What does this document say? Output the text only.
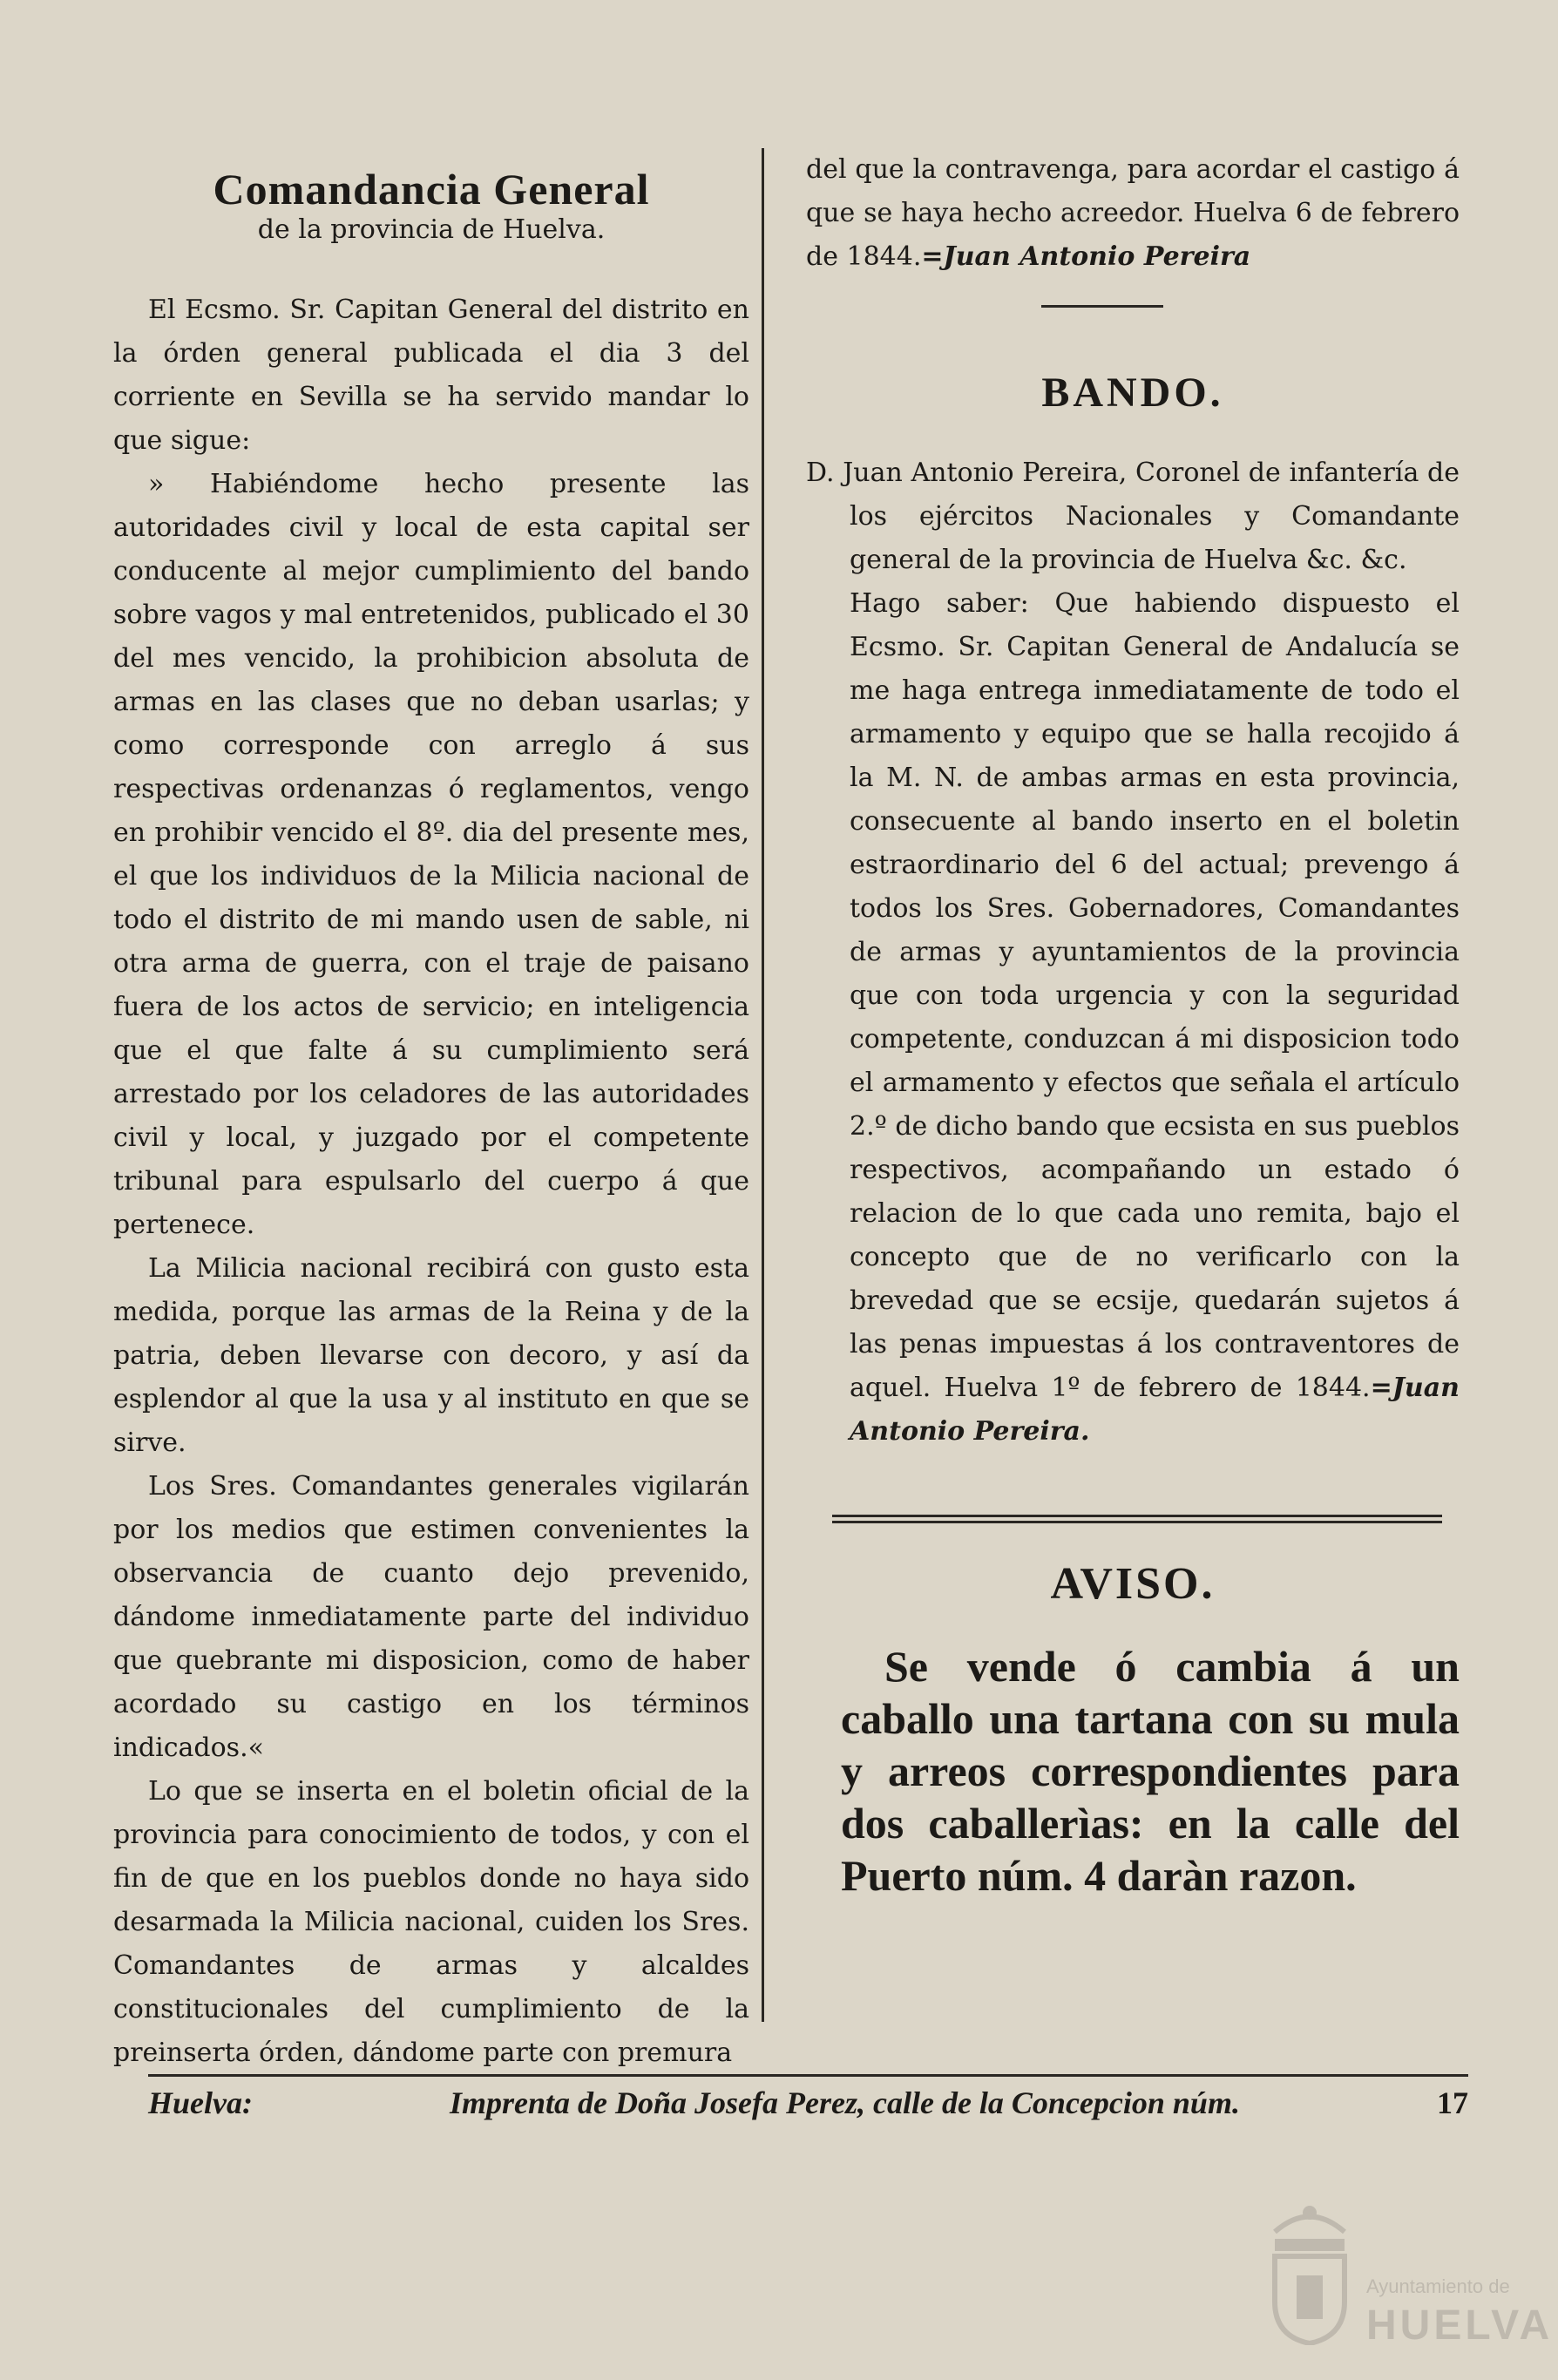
Comandancia General
de la provincia de Huelva.

El Ecsmo. Sr. Capitan General del distrito en la órden general publicada el dia 3 del corriente en Sevilla se ha servido mandar lo que sigue:

» Habiéndome hecho presente las autoridades civil y local de esta capital ser conducente al mejor cumplimiento del bando sobre vagos y mal entretenidos, publicado el 30 del mes vencido, la prohibicion absoluta de armas en las clases que no deban usarlas; y como corresponde con arreglo á sus respectivas ordenanzas ó reglamentos, vengo en prohibir vencido el 8º. dia del presente mes, el que los individuos de la Milicia nacional de todo el distrito de mi mando usen de sable, ni otra arma de guerra, con el traje de paisano fuera de los actos de servicio; en inteligencia que el que falte á su cumplimiento será arrestado por los celadores de las autoridades civil y local, y juzgado por el competente tribunal para espulsarlo del cuerpo á que pertenece.

La Milicia nacional recibirá con gusto esta medida, porque las armas de la Reina y de la patria, deben llevarse con decoro, y así da esplendor al que la usa y al instituto en que se sirve.

Los Sres. Comandantes generales vigilarán por los medios que estimen convenientes la observancia de cuanto dejo prevenido, dándome inmediatamente parte del individuo que quebrante mi disposicion, como de haber acordado su castigo en los términos indicados.«

Lo que se inserta en el boletin oficial de la provincia para conocimiento de todos, y con el fin de que en los pueblos donde no haya sido desarmada la Milicia nacional, cuiden los Sres. Comandantes de armas y alcaldes constitucionales del cumplimiento de la preinserta órden, dándome parte con premura

del que la contravenga, para acordar el castigo á que se haya hecho acreedor. Huelva 6 de febrero de 1844.=Juan Antonio Pereira

BANDO.

D. Juan Antonio Pereira, Coronel de infantería de los ejércitos Nacionales y Comandante general de la provincia de Huelva &c. &c.

Hago saber: Que habiendo dispuesto el Ecsmo. Sr. Capitan General de Andalucía se me haga entrega inmediatamente de todo el armamento y equipo que se halla recojido á la M. N. de ambas armas en esta provincia, consecuente al bando inserto en el boletin estraordinario del 6 del actual; prevengo á todos los Sres. Gobernadores, Comandantes de armas y ayuntamientos de la provincia que con toda urgencia y con la seguridad competente, conduzcan á mi disposicion todo el armamento y efectos que señala el artículo 2.º de dicho bando que ecsista en sus pueblos respectivos, acompañando un estado ó relacion de lo que cada uno remita, bajo el concepto que de no verificarlo con la brevedad que se ecsije, quedarán sujetos á las penas impuestas á los contraventores de aquel. Huelva 1º de febrero de 1844.=Juan Antonio Pereira.

AVISO.

Se vende ó cambia á un caballo una tartana con su mula y arreos correspondientes para dos caballerìas: en la calle del Puerto núm. 4 daràn razon.

Huelva:	Imprenta de Doña Josefa Perez, calle de la Concepcion núm.	17
Ayuntamiento de
HUELVA
